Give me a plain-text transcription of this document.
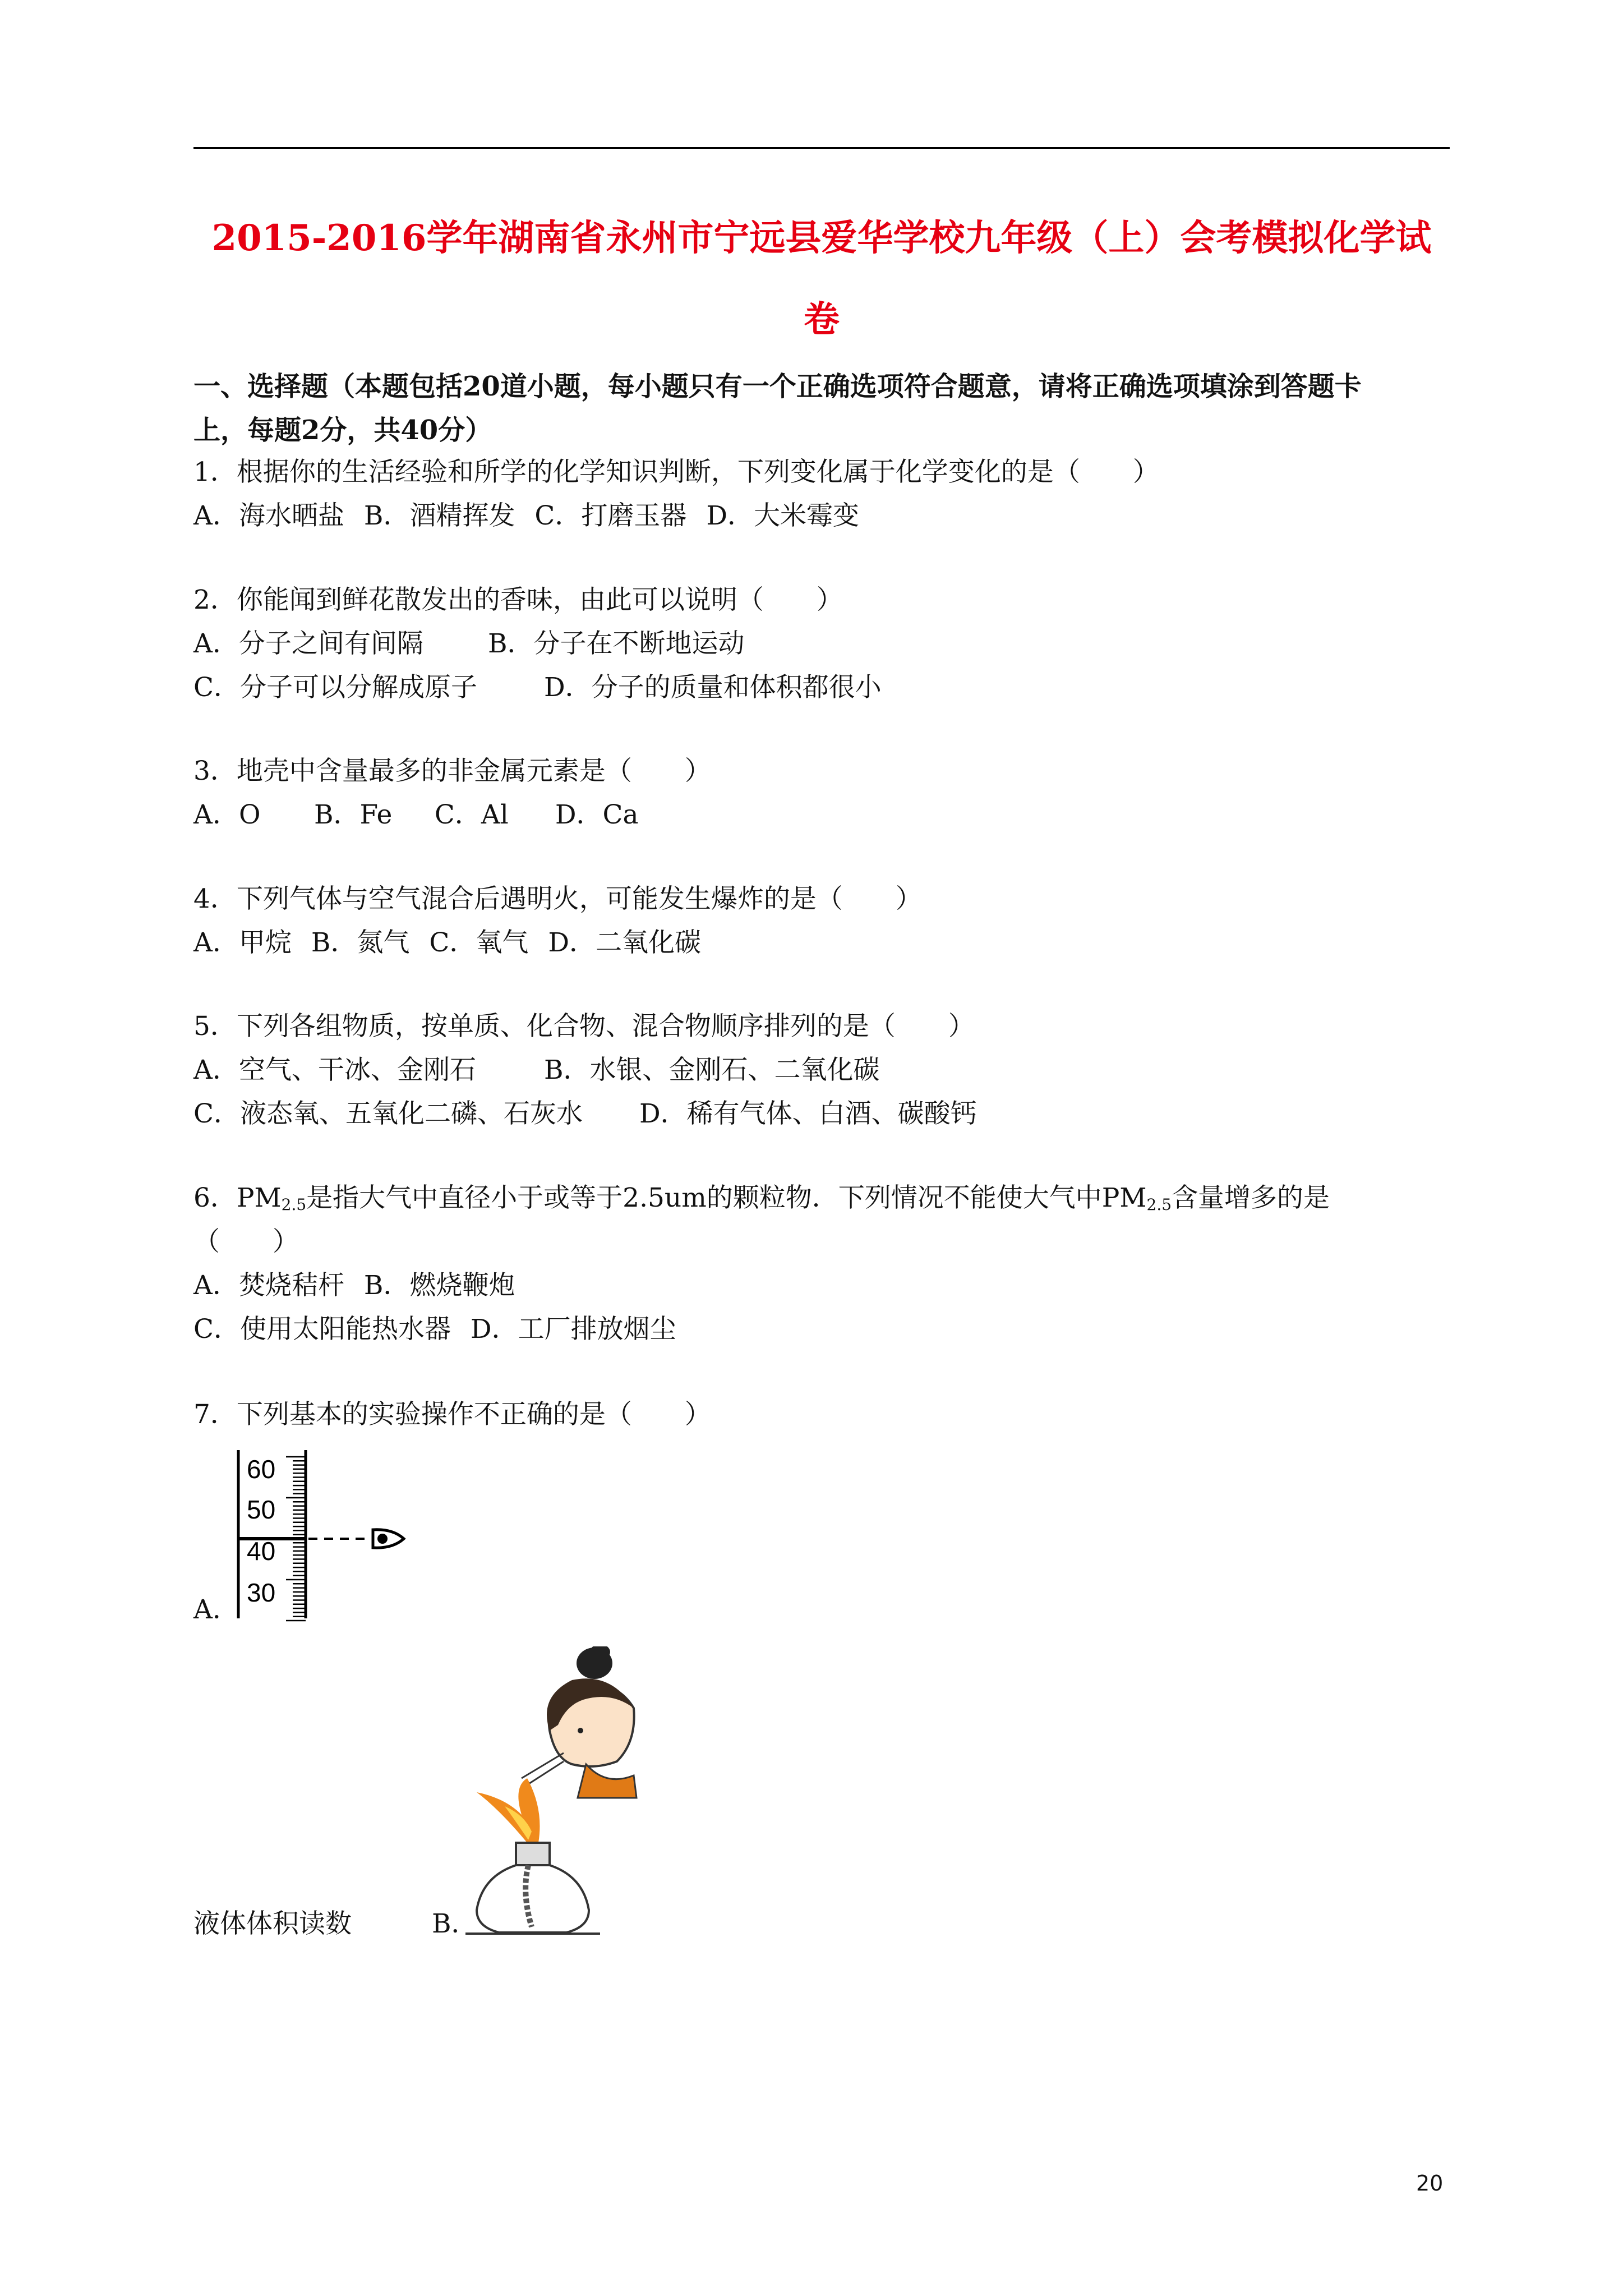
2015-2016学年湖南省永州市宁远县爱华学校九年级（上）会考模拟化学试
卷
一、选择题（本题包括20道小题，每小题只有一个正确选项符合题意，请将正确选项填涂到答题卡
上，每题2分，共40分）
1．根据你的生活经验和所学的化学知识判断，下列变化属于化学变化的是（　　）
A．海水晒盐 B．酒精挥发 C．打磨玉器 D．大米霉变
2．你能闻到鲜花散发出的香味，由此可以说明（　　）
A．分子之间有间隔 B．分子在不断地运动
C．分子可以分解成原子	D．分子的质量和体积都很小
3．地壳中含量最多的非金属元素是（　　）
A．O B．Fe C．Al D．Ca
4．下列气体与空气混合后遇明火，可能发生爆炸的是（　　）
A．甲烷 B．氮气 C．氧气 D．二氧化碳
5．下列各组物质，按单质、化合物、混合物顺序排列的是（　　）
A．空气、干冰、金刚石	B．水银、金刚石、二氧化碳
C．液态氧、五氧化二磷、石灰水 D．稀有气体、白酒、碳酸钙
6．$PM_{2.5}$是指大气中直径小于或等于2.5um的颗粒物．下列情况不能使大气中$PM_{2.5}$含量增多的是
（　　）
A．焚烧秸杆 B．燃烧鞭炮
C．使用太阳能热水器 D．工厂排放烟尘
7．下列基本的实验操作不正确的是（　　）
60
50
40
30
A．
液体体积读数	B．
20
